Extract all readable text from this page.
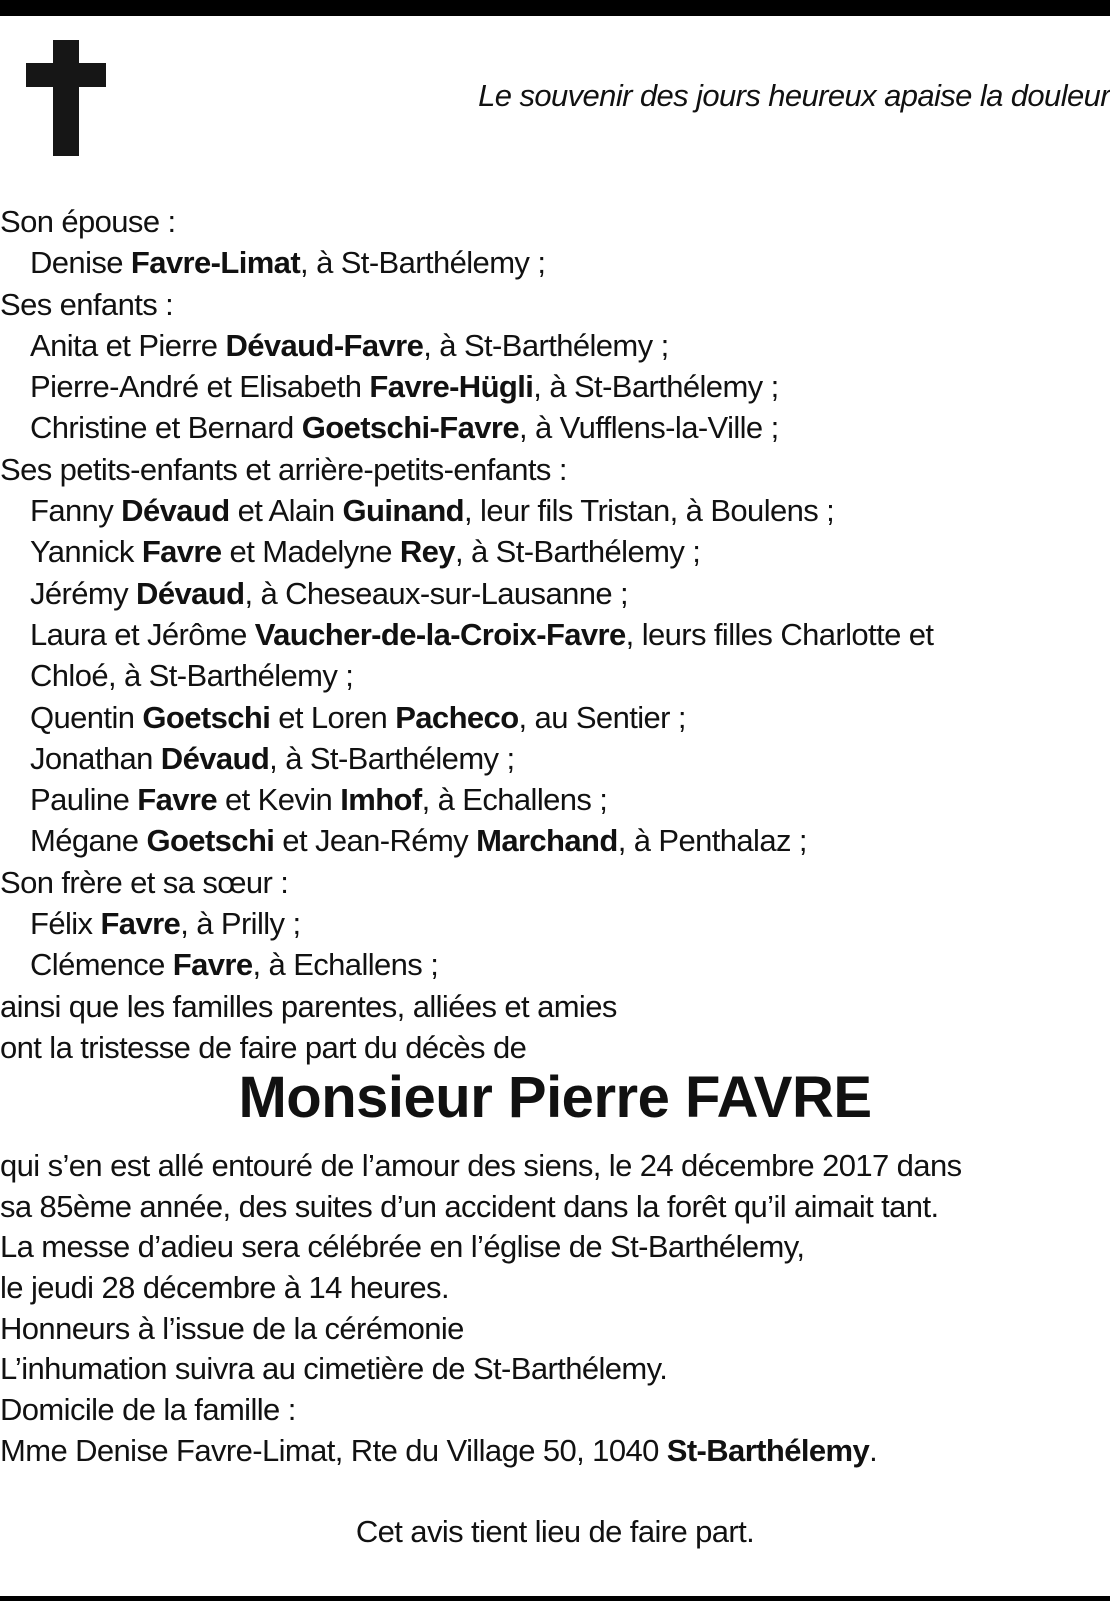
Le souvenir des jours heureux apaise la douleur
Son épouse :
Denise Favre-Limat, à St-Barthélemy ;
Ses enfants :
Anita et Pierre Dévaud-Favre, à St-Barthélemy ;
Pierre-André et Elisabeth Favre-Hügli, à St-Barthélemy ;
Christine et Bernard Goetschi-Favre, à Vufflens-la-Ville ;
Ses petits-enfants et arrière-petits-enfants :
Fanny Dévaud et Alain Guinand, leur fils Tristan, à Boulens ;
Yannick Favre et Madelyne Rey, à St-Barthélemy ;
Jérémy Dévaud, à Cheseaux-sur-Lausanne ;
Laura et Jérôme Vaucher-de-la-Croix-Favre, leurs filles Charlotte et
Chloé, à St-Barthélemy ;
Quentin Goetschi et Loren Pacheco, au Sentier ;
Jonathan Dévaud, à St-Barthélemy ;
Pauline Favre et Kevin Imhof, à Echallens ;
Mégane Goetschi et Jean-Rémy Marchand, à Penthalaz ;
Son frère et sa sœur :
Félix Favre, à Prilly ;
Clémence Favre, à Echallens ;
ainsi que les familles parentes, alliées et amies
ont la tristesse de faire part du décès de
Monsieur Pierre FAVRE
qui s’en est allé entouré de l’amour des siens, le 24 décembre 2017 dans
sa 85ème année, des suites d’un accident dans la forêt qu’il aimait tant.
La messe d’adieu sera célébrée en l’église de St-Barthélemy,
le jeudi 28 décembre à 14 heures.
Honneurs à l’issue de la cérémonie
L’inhumation suivra au cimetière de St-Barthélemy.
Domicile de la famille :
Mme Denise Favre-Limat, Rte du Village 50, 1040 St-Barthélemy.
Cet avis tient lieu de faire part.
